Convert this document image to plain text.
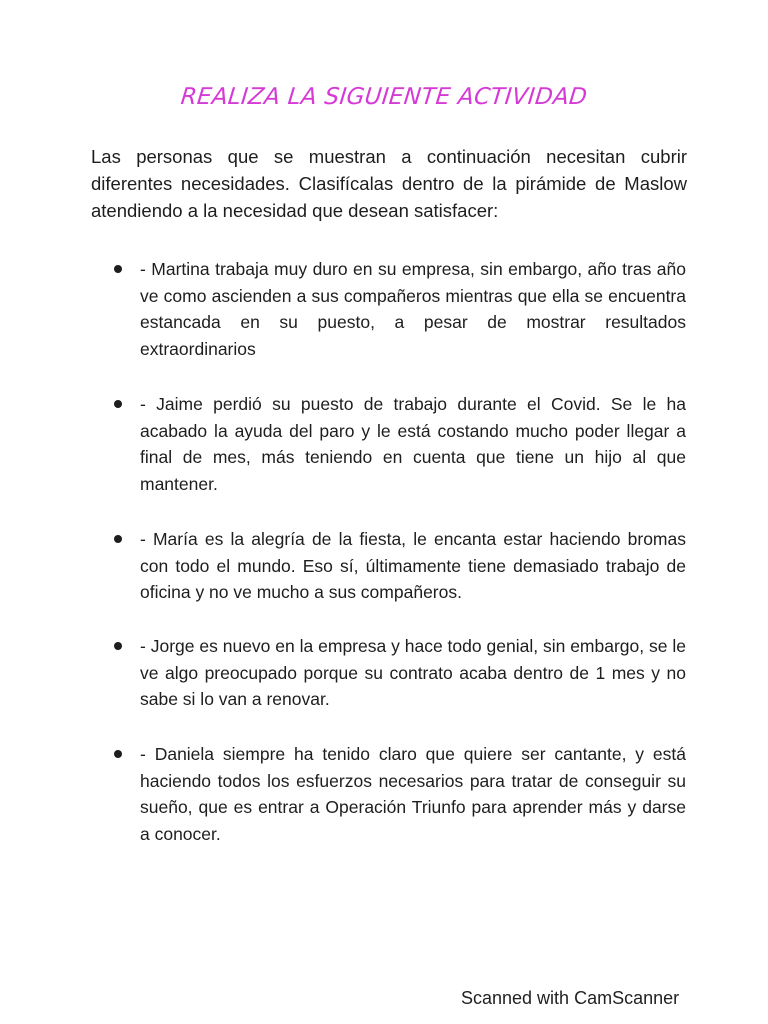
REALIZA LA SIGUIENTE ACTIVIDAD
Las personas que se muestran a continuación necesitan cubrir diferentes necesidades. Clasifícalas dentro de la pirámide de Maslow atendiendo a la necesidad que desean satisfacer:
- Martina trabaja muy duro en su empresa, sin embargo, año tras año ve como ascienden a sus compañeros mientras que ella se encuentra estancada en su puesto, a pesar de mostrar resultados extraordinarios
- Jaime perdió su puesto de trabajo durante el Covid. Se le ha acabado la ayuda del paro y le está costando mucho poder llegar a final de mes, más teniendo en cuenta que tiene un hijo al que mantener.
- María es la alegría de la fiesta, le encanta estar haciendo bromas con todo el mundo. Eso sí, últimamente tiene demasiado trabajo de oficina y no ve mucho a sus compañeros.
- Jorge es nuevo en la empresa y hace todo genial, sin embargo, se le ve algo preocupado porque su contrato acaba dentro de 1 mes y no sabe si lo van a renovar.
- Daniela siempre ha tenido claro que quiere ser cantante, y está haciendo todos los esfuerzos necesarios para tratar de conseguir su sueño, que es entrar a Operación Triunfo para aprender más y darse a conocer.
Scanned with CamScanner
